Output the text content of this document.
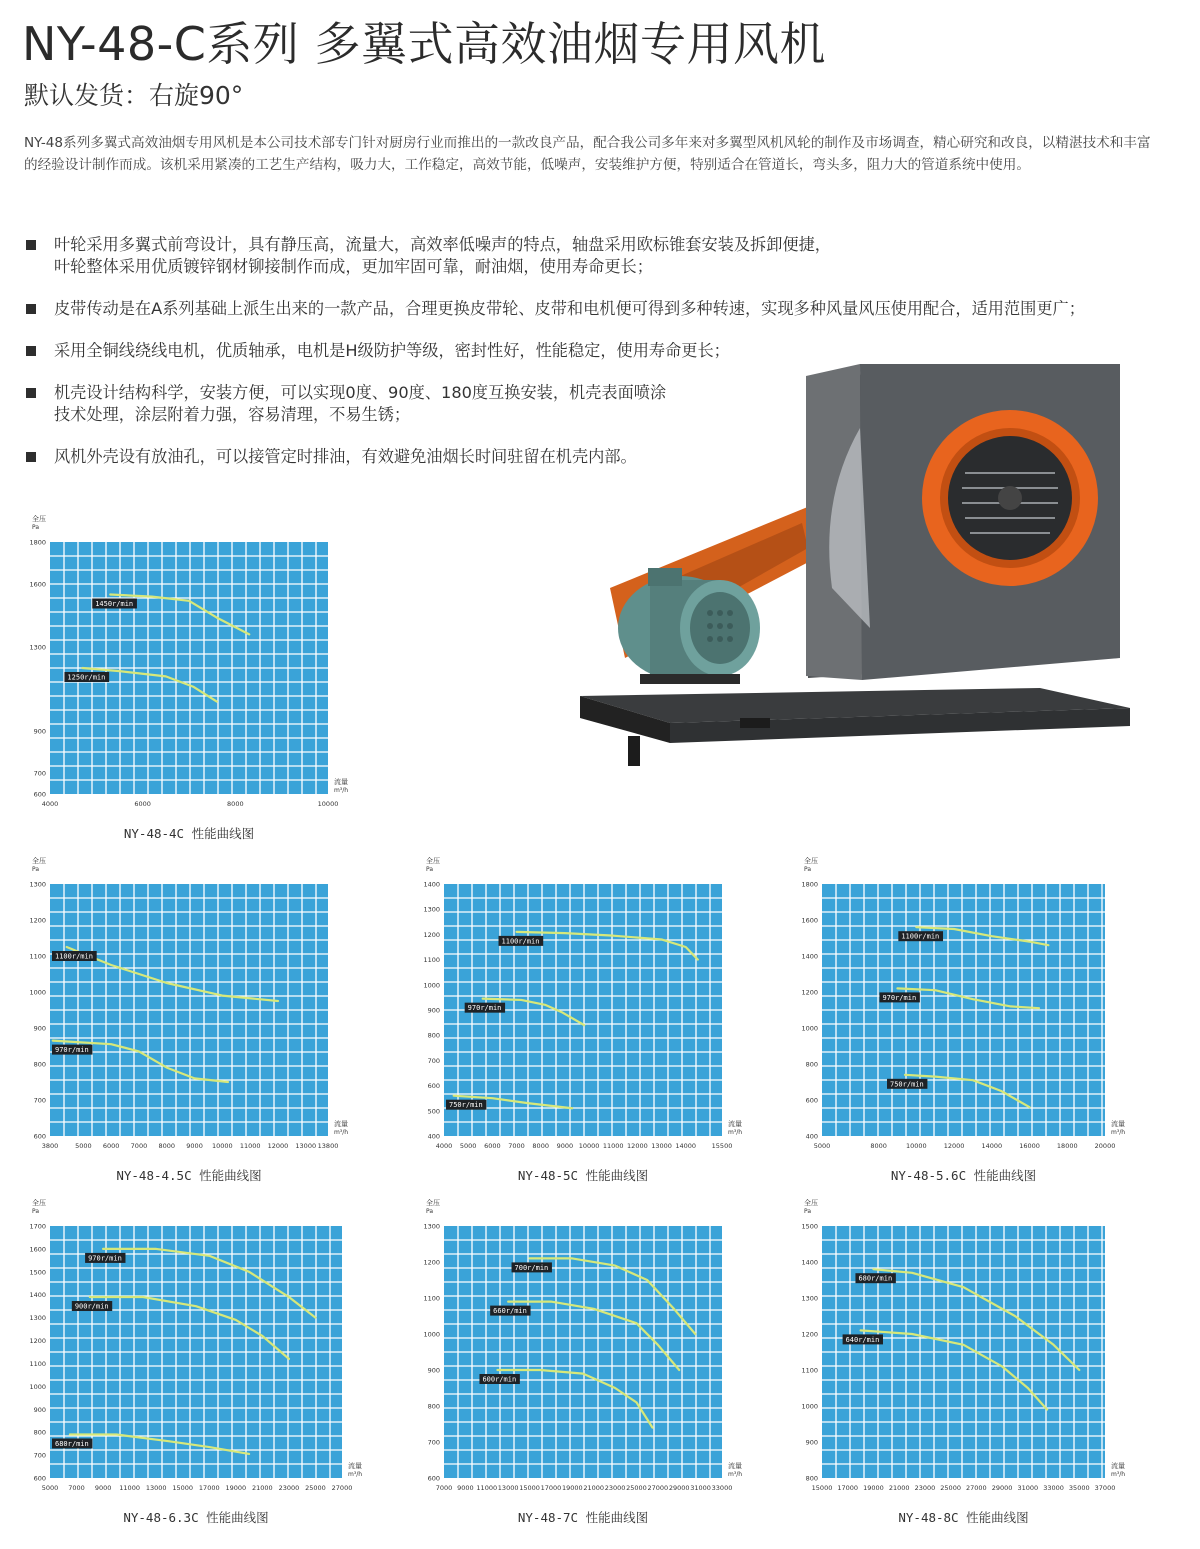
NY-48-C系列 多翼式高效油烟专用风机
默认发货：右旋90°
NY-48系列多翼式高效油烟专用风机是本公司技术部专门针对厨房行业而推出的一款改良产品，配合我公司多年来对多翼型风机风轮的制作及市场调查，精心研究和改良，以精湛技术和丰富的经验设计制作而成。该机采用紧凑的工艺生产结构，吸力大，工作稳定，高效节能，低噪声，安装维护方便，特别适合在管道长，弯头多，阻力大的管道系统中使用。
叶轮采用多翼式前弯设计，具有静压高，流量大，高效率低噪声的特点，轴盘采用欧标锥套安装及拆卸便捷，
叶轮整体采用优质镀锌钢材铆接制作而成，更加牢固可靠，耐油烟，使用寿命更长；
皮带传动是在A系列基础上派生出来的一款产品，合理更换皮带轮、皮带和电机便可得到多种转速，实现多种风量风压使用配合，适用范围更广；
采用全铜线绕线电机，优质轴承，电机是H级防护等级，密封性好，性能稳定，使用寿命更长；
机壳设计结构科学，安装方便，可以实现0度、90度、180度互换安装，机壳表面喷涂
技术处理，涂层附着力强，容易清理，不易生锈；
风机外壳设有放油孔，可以接管定时排油，有效避免油烟长时间驻留在机壳内部。
全压
Pa
600
700
900
1300
1600
1800
4000	6000	8000	10000
流量
m³/h
1450r/min
1250r/min
NY-48-4C 性能曲线图
全压
Pa
600
700
800
900
1000
1100
1200
1300
3800	5000 6000 7000 8000 9000 10000 11000 12000 13000 13800
流量
m³/h
1100r/min
970r/min
NY-48-4.5C 性能曲线图
全压
Pa
400
500
600
700
800
900
1000
1100
1200
1300
1400
4000 5000 6000 7000 8000 9000 10000 11000 12000 13000 14000 15500
流量
m³/h
1100r/min
970r/min
750r/min
NY-48-5C 性能曲线图
全压
Pa
400
600
800
1000
1200
1400
1600
1800
5000	8000	10000	12000	14000	16000	18000	20000
流量
m³/h
1100r/min
970r/min
750r/min
NY-48-5.6C 性能曲线图
全压
Pa
600
700
800
900
1000
1100
1200
1300
1400
1500
1600
1700
5000 7000 9000 11000 13000 15000 17000 19000 21000 23000 25000 27000
流量
m³/h
970r/min
900r/min
680r/min
NY-48-6.3C 性能曲线图
全压
Pa
600
700
800
900
1000
1100
1200
1300
7000 9000 11000 13000 15000 17000 19000 21000 23000 25000 27000 29000 31000 33000
流量
m³/h
700r/min
660r/min
600r/min
NY-48-7C 性能曲线图
全压
Pa
800
900
1000
1100
1200
1300
1400
1500
15000 17000 19000 21000 23000 25000 27000 29000 31000 33000 35000 37000
流量
m³/h
680r/min
640r/min
NY-48-8C 性能曲线图
